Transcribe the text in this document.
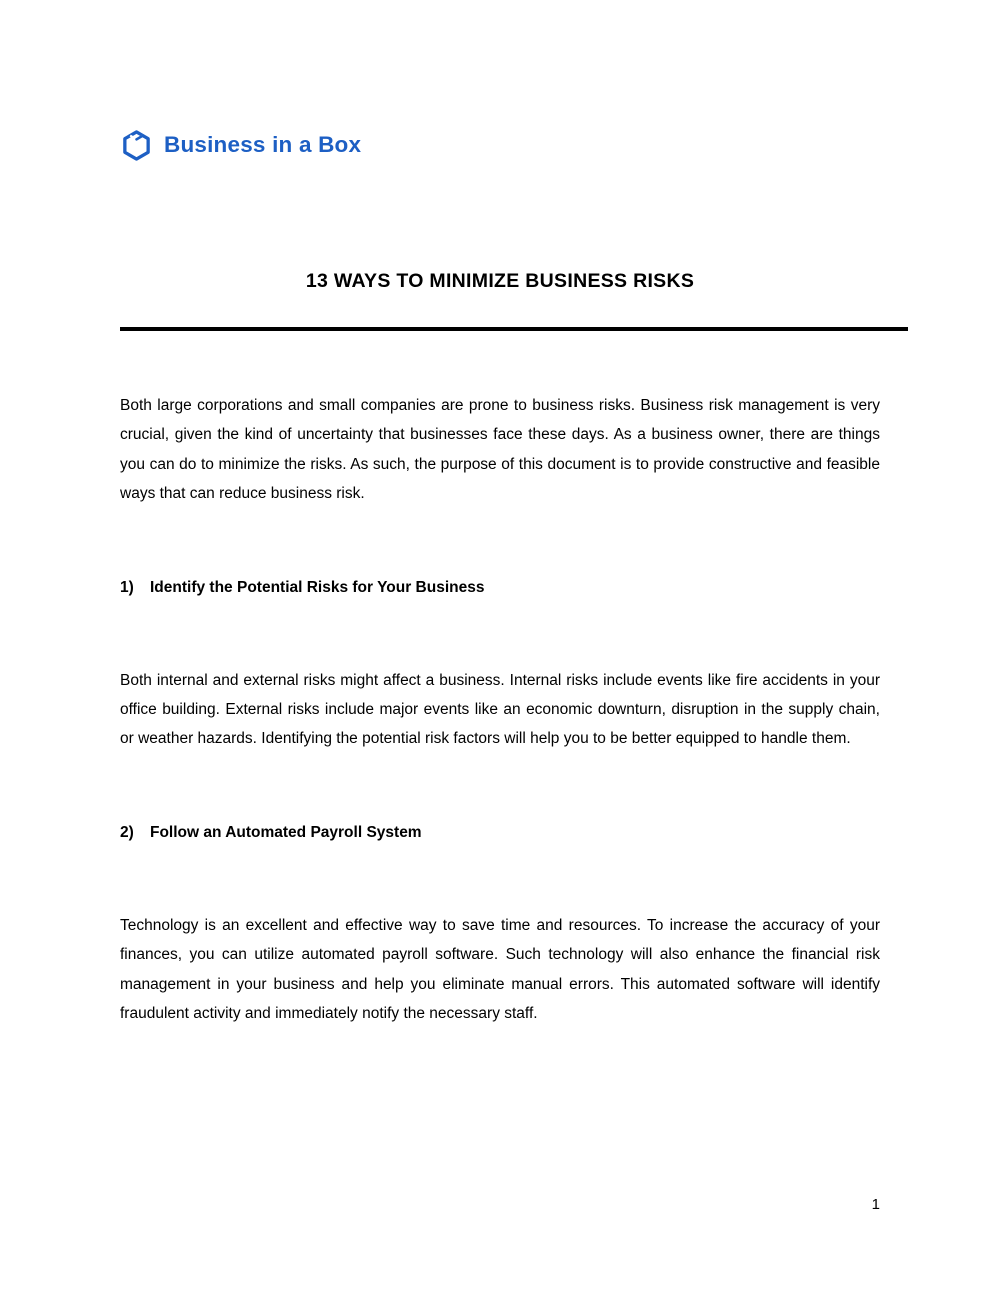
Business in a Box
13 WAYS TO MINIMIZE BUSINESS RISKS

Both large corporations and small companies are prone to business risks. Business risk management is very crucial, given the kind of uncertainty that businesses face these days. As a business owner, there are things you can do to minimize the risks. As such, the purpose of this document is to provide constructive and feasible ways that can reduce business risk.

1)	Identify the Potential Risks for Your Business

Both internal and external risks might affect a business. Internal risks include events like fire accidents in your office building. External risks include major events like an economic downturn, disruption in the supply chain, or weather hazards. Identifying the potential risk factors will help you to be better equipped to handle them.

2)	Follow an Automated Payroll System

Technology is an excellent and effective way to save time and resources. To increase the accuracy of your finances, you can utilize automated payroll software. Such technology will also enhance the financial risk management in your business and help you eliminate manual errors. This automated software will identify fraudulent activity and immediately notify the necessary staff.

1
